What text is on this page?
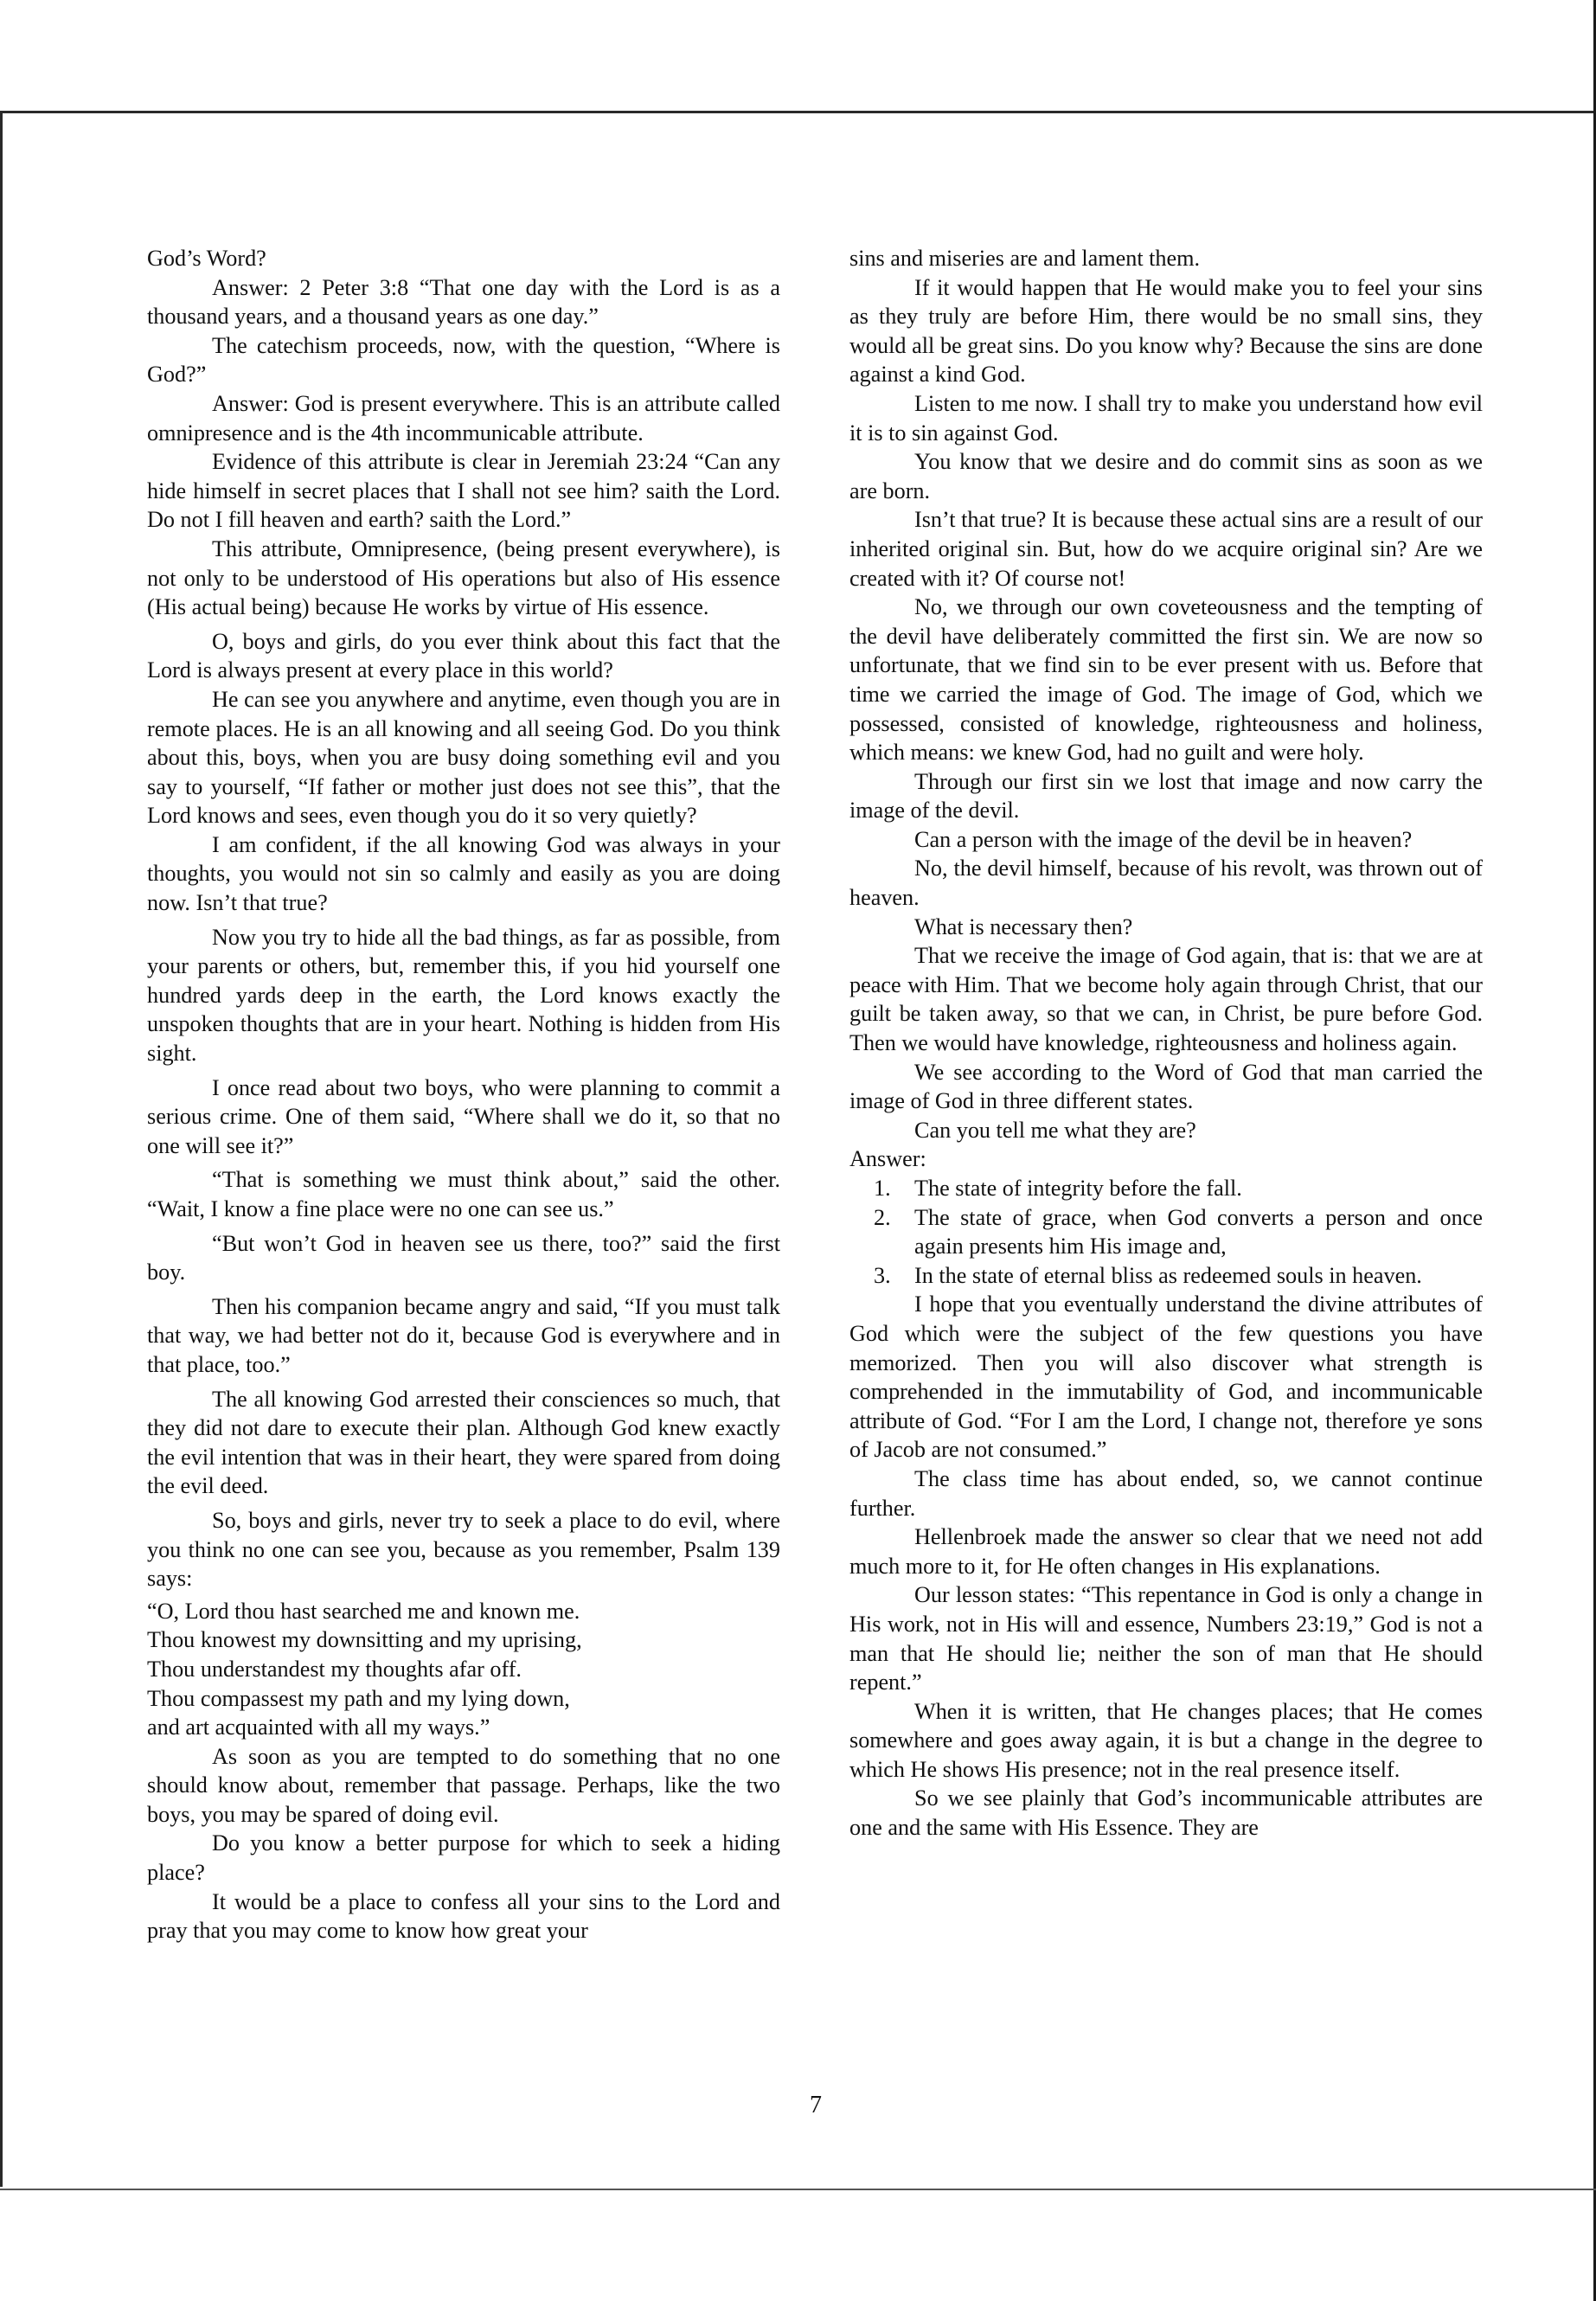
God’s Word?

Answer: 2 Peter 3:8 “That one day with the Lord is as a thousand years, and a thousand years as one day.”

The catechism proceeds, now, with the question, “Where is God?”

Answer: God is present everywhere. This is an attribute called omnipresence and is the 4th incommunicable attribute.

Evidence of this attribute is clear in Jeremiah 23:24 “Can any hide himself in secret places that I shall not see him? saith the Lord. Do not I fill heaven and earth? saith the Lord.”

This attribute, Omnipresence, (being present everywhere), is not only to be understood of His operations but also of His essence (His actual being) because He works by virtue of His essence.

O, boys and girls, do you ever think about this fact that the Lord is always present at every place in this world?

He can see you anywhere and anytime, even though you are in remote places. He is an all knowing and all seeing God. Do you think about this, boys, when you are busy doing something evil and you say to yourself, “If father or mother just does not see this”, that the Lord knows and sees, even though you do it so very quietly?

I am confident, if the all knowing God was always in your thoughts, you would not sin so calmly and easily as you are doing now. Isn’t that true?

Now you try to hide all the bad things, as far as possible, from your parents or others, but, remember this, if you hid yourself one hundred yards deep in the earth, the Lord knows exactly the unspoken thoughts that are in your heart. Nothing is hidden from His sight.

I once read about two boys, who were planning to commit a serious crime. One of them said, “Where shall we do it, so that no one will see it?”

“That is something we must think about,” said the other. “Wait, I know a fine place were no one can see us.”

“But won’t God in heaven see us there, too?” said the first boy.

Then his companion became angry and said, “If you must talk that way, we had better not do it, because God is everywhere and in that place, too.”

The all knowing God arrested their consciences so much, that they did not dare to execute their plan. Although God knew exactly the evil intention that was in their heart, they were spared from doing the evil deed.

So, boys and girls, never try to seek a place to do evil, where you think no one can see you, because as you remember, Psalm 139 says:

“O, Lord thou hast searched me and known me.
Thou knowest my downsitting and my uprising,
Thou understandest my thoughts afar off.
Thou compassest my path and my lying down,
and art acquainted with all my ways.”

As soon as you are tempted to do something that no one should know about, remember that passage. Perhaps, like the two boys, you may be spared of doing evil.

Do you know a better purpose for which to seek a hiding place?

It would be a place to confess all your sins to the Lord and pray that you may come to know how great your

sins and miseries are and lament them.

If it would happen that He would make you to feel your sins as they truly are before Him, there would be no small sins, they would all be great sins. Do you know why? Because the sins are done against a kind God.

Listen to me now. I shall try to make you understand how evil it is to sin against God.

You know that we desire and do commit sins as soon as we are born.

Isn’t that true? It is because these actual sins are a result of our inherited original sin. But, how do we acquire original sin? Are we created with it? Of course not!

No, we through our own coveteousness and the tempting of the devil have deliberately committed the first sin. We are now so unfortunate, that we find sin to be ever present with us. Before that time we carried the image of God. The image of God, which we possessed, consisted of knowledge, righteousness and holiness, which means: we knew God, had no guilt and were holy.

Through our first sin we lost that image and now carry the image of the devil.

Can a person with the image of the devil be in heaven?

No, the devil himself, because of his revolt, was thrown out of heaven.

What is necessary then?

That we receive the image of God again, that is: that we are at peace with Him. That we become holy again through Christ, that our guilt be taken away, so that we can, in Christ, be pure before God. Then we would have knowledge, righteousness and holiness again.

We see according to the Word of God that man carried the image of God in three different states.

Can you tell me what they are?

Answer:

1. The state of integrity before the fall.
2. The state of grace, when God converts a person and once again presents him His image and,
3. In the state of eternal bliss as redeemed souls in heaven.

I hope that you eventually understand the divine attributes of God which were the subject of the few questions you have memorized. Then you will also discover what strength is comprehended in the immutability of God, and incommunicable attribute of God. “For I am the Lord, I change not, therefore ye sons of Jacob are not consumed.”

The class time has about ended, so, we cannot continue further.

Hellenbroek made the answer so clear that we need not add much more to it, for He often changes in His explanations.

Our lesson states: “This repentance in God is only a change in His work, not in His will and essence, Numbers 23:19,” God is not a man that He should lie; neither the son of man that He should repent.”

When it is written, that He changes places; that He comes somewhere and goes away again, it is but a change in the degree to which He shows His presence; not in the real presence itself.

So we see plainly that God’s incommunicable attributes are one and the same with His Essence. They are

7
